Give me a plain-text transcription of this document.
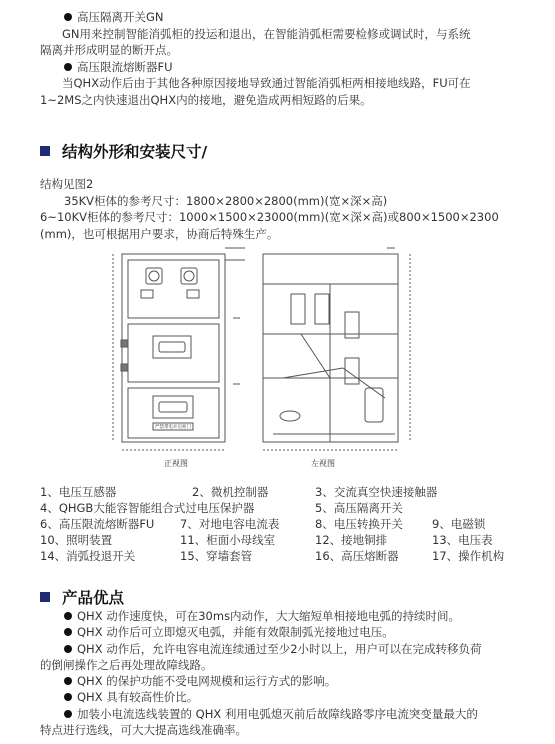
高压隔离开关GN
GN用来控制智能消弧柜的投运和退出，在智能消弧柜需要检修或调试时，与系统
隔离并形成明显的断开点。
高压限流熔断器FU
当QHX动作后由于其他各种原因接地导致通过智能消弧柜两相接地线路，FU可在
1~2MS之内快速退出QHX内的接地，避免造成两相短路的后果。
结构外形和安装尺寸/
结构见图2
35KV柜体的参考尺寸：1800×2800×2800(mm)(宽×深×高)
6~10KV柜体的参考尺寸：1000×1500×23000(mm)(宽×深×高)或800×1500×2300
(mm)，也可根据用户要求，协商后特殊生产。
正视图	左视图
严禁带电开启柜门
1、电压互感器	2、微机控制器	3、交流真空快速接触器
4、QHGB大能容智能组合式过电压保护器	5、高压隔离开关
6、高压限流熔断器FU 7、对地电容电流表	8、电压转换开关	9、电磁锁
10、照明装置	11、柜面小母线室	12、接地铜排	13、电压表
14、消弧投退开关	15、穿墙套管	16、高压熔断器	17、操作机构
产品优点
QHX 动作速度快，可在30ms内动作，大大缩短单相接地电弧的持续时间。
QHX 动作后可立即熄灭电弧，并能有效限制弧光接地过电压。
QHX 动作后，允许电容电流连续通过至少2小时以上，用户可以在完成转移负荷
的倒闸操作之后再处理故障线路。
QHX 的保护功能不受电网规模和运行方式的影响。
QHX 具有较高性价比。
加装小电流选线装置的 QHX 利用电弧熄灭前后故障线路零序电流突变量最大的
特点进行选线，可大大提高选线准确率。
